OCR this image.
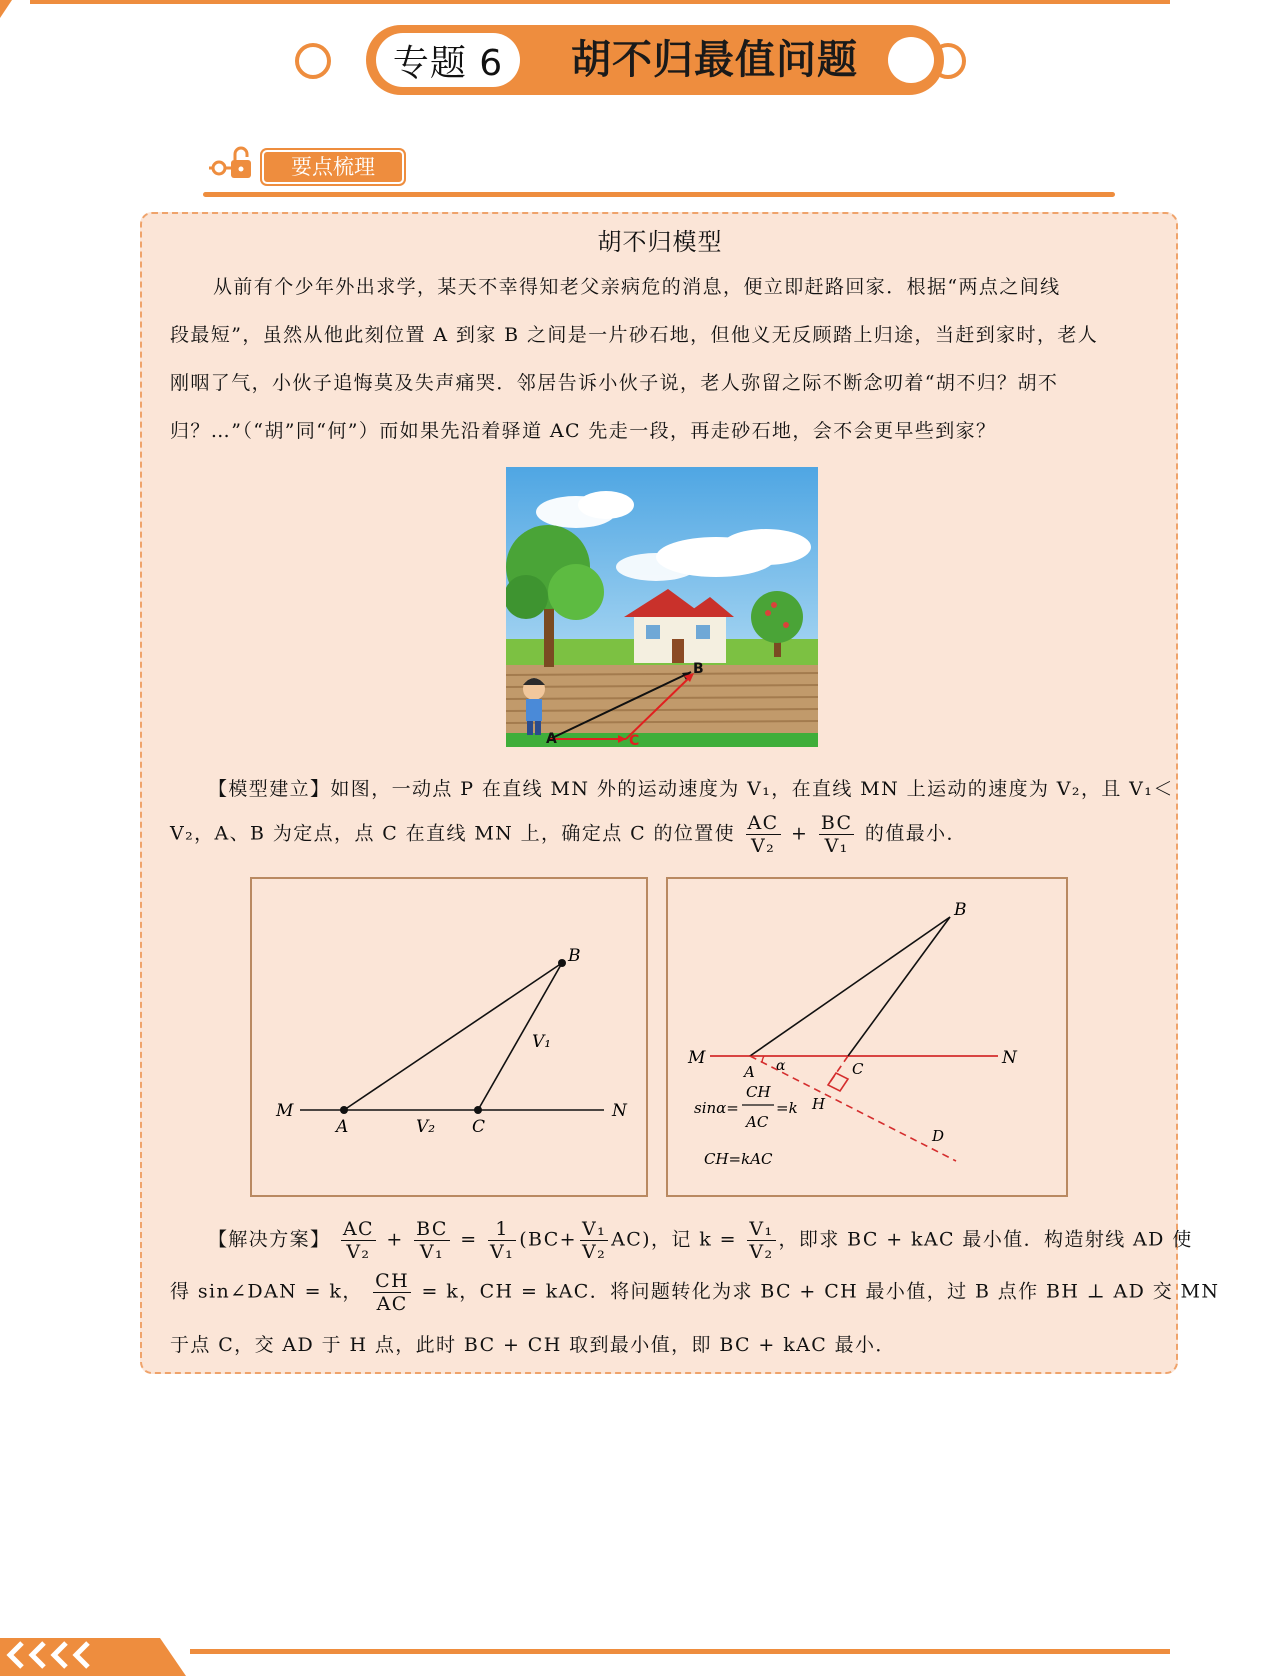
专题 6	胡不归最值问题
要点梳理
胡不归模型
从前有个少年外出求学，某天不幸得知老父亲病危的消息，便立即赶路回家．根据“两点之间线
段最短”，虽然从他此刻位置 A 到家 B 之间是一片砂石地，但他义无反顾踏上归途，当赶到家时，老人
刚咽了气，小伙子追悔莫及失声痛哭．邻居告诉小伙子说，老人弥留之际不断念叨着“胡不归？胡不
归？…”（“胡”同“何”）而如果先沿着驿道 AC 先走一段，再走砂石地，会不会更早些到家？
A
B
C
【模型建立】如图，一动点 P 在直线 MN 外的运动速度为 V₁，在直线 MN 上运动的速度为 V₂，且 V₁＜
V₂，A、B 为定点，点 C 在直线 MN 上，确定点 C 的位置使 $\frac{AC}{\text{V₂}} + \frac{BC}{\text{V₁}}$ 的值最小．
M
A	V₂ C
N
B
V₁
B
M
A α	C
N
H
D
sinα=
CH
AC
=k
CH=kAC
【解决方案】 $\frac{AC}{\text{V₂}} + \frac{BC}{\text{V₁}} = \frac{1}{\text{V₁}} (BC+ \frac{\text{V₁}}{\text{V₂}} AC)$，记 $k = \frac{\text{V₁}}{\text{V₂}}$ ，即求 BC + kAC 最小值．构造射线 AD 使
得 sin∠DAN = k， $\frac{CH}{AC} = k$，CH = kAC．将问题转化为求 BC + CH 最小值，过 B 点作 BH ⊥ AD 交 MN
于点 C，交 AD 于 H 点，此时 BC + CH 取到最小值，即 BC + kAC 最小．
